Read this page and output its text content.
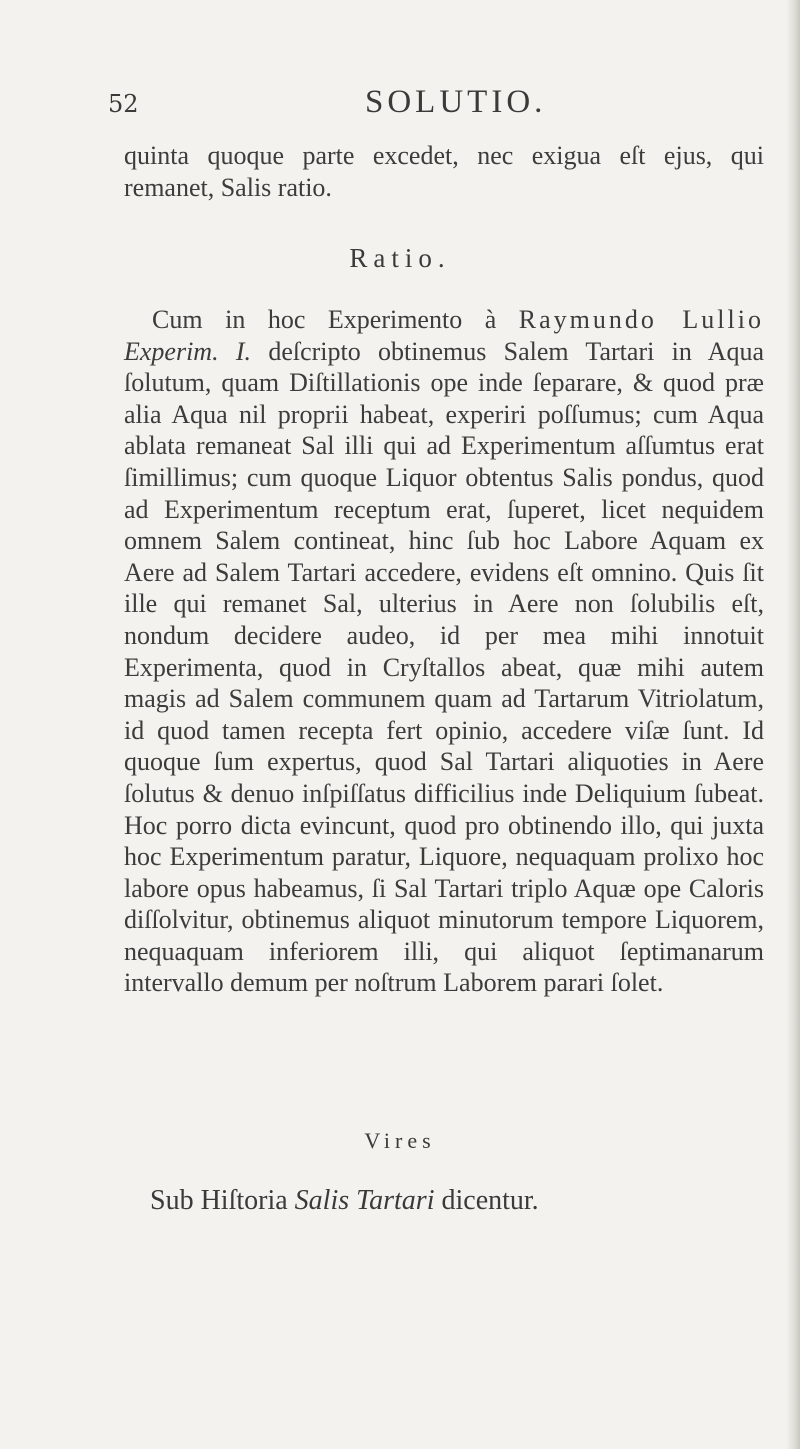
52	SOLUTIO.
quinta quoque parte excedet, nec exigua eſt ejus, qui remanet, Salis ratio.
Ratio.
Cum in hoc Experimento à Raymundo Lullio Experim. I. deſcripto obtinemus Salem Tartari in Aqua ſolutum, quam Diſtillationis ope inde ſeparare, & quod præ alia Aqua nil proprii habeat, experiri poſſumus; cum Aqua ablata remaneat Sal illi qui ad Experimentum aſſumtus erat ſimillimus; cum quoque Liquor obtentus Salis pondus, quod ad Experimentum receptum erat, ſuperet, licet nequidem omnem Salem contineat, hinc ſub hoc Labore Aquam ex Aere ad Salem Tartari accedere, evidens eſt omnino. Quis ſit ille qui remanet Sal, ulterius in Aere non ſolubilis eſt, nondum decidere audeo, id per mea mihi innotuit Experimenta, quod in Cryſtallos abeat, quæ mihi autem magis ad Salem communem quam ad Tartarum Vitriolatum, id quod tamen recepta fert opinio, accedere viſæ ſunt. Id quoque ſum expertus, quod Sal Tartari aliquoties in Aere ſolutus & denuo inſpiſſatus difficilius inde Deliquium ſubeat. Hoc porro dicta evincunt, quod pro obtinendo illo, qui juxta hoc Experimentum paratur, Liquore, nequaquam prolixo hoc labore opus habeamus, ſi Sal Tartari triplo Aquæ ope Caloris diſſolvitur, obtinemus aliquot minutorum tempore Liquorem, nequaquam inferiorem illi, qui aliquot ſeptimanarum intervallo demum per noſtrum Laborem parari ſolet.
Vires
Sub Hiſtoria Salis Tartari dicentur.
